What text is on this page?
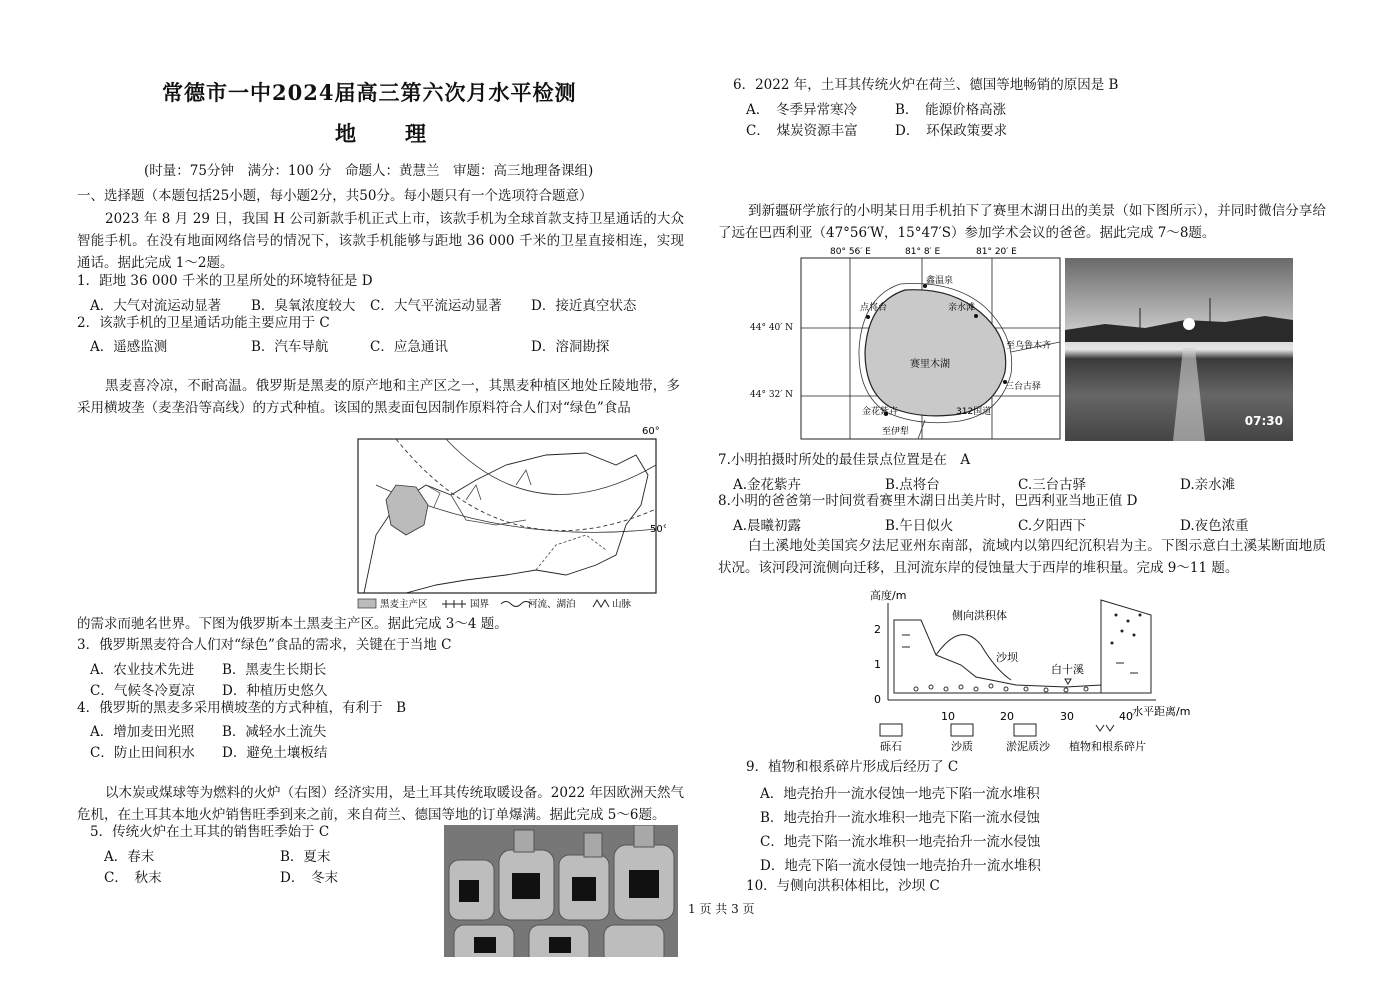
常德市一中2024届高三第六次月水平检测
地　理
(时量：75分钟　满分：100 分　命题人：黄慧兰　审题：高三地理备课组)
一、选择题（本题包括25小题，每小题2分，共50分。每小题只有一个选项符合题意）
2023 年 8 月 29 日，我国 H 公司新款手机正式上市，该款手机为全球首款支持卫星通话的大众智能手机。在没有地面网络信号的情况下，该款手机能够与距地 36 000 千米的卫星直接相连，实现通话。据此完成 1～2题。
1．距地 36 000 千米的卫星所处的环境特征是 D
A．大气对流运动显著 B．臭氧浓度较大 C．大气平流运动显著 D．接近真空状态
2．该款手机的卫星通话功能主要应用于 C
A．遥感监测	B．汽车导航	C．应急通讯	D．溶洞勘探
黑麦喜冷凉，不耐高温。俄罗斯是黑麦的原产地和主产区之一，其黑麦种植区地处丘陵地带，多采用横坡垄（麦垄沿等高线）的方式种植。该国的黑麦面包因制作原料符合人们对“绿色”食品
60°
50°
黑麦主产区	国界	河流、湖泊	山脉
的需求而驰名世界。下图为俄罗斯本土黑麦主产区。据此完成 3～4 题。
3．俄罗斯黑麦符合人们对“绿色”食品的需求，关键在于当地 C
A．农业技术先进 B．黑麦生长期长
C．气候冬冷夏凉 D．种植历史悠久
4．俄罗斯的黑麦多采用横坡垄的方式种植，有利于　B
A．增加麦田光照 B．减轻水土流失
C．防止田间积水 D．避免土壤板结
以木炭或煤球等为燃料的火炉（右图）经济实用，是土耳其传统取暖设备。2022 年因欧洲天然气危机，在土耳其本地火炉销售旺季到来之前，来自荷兰、德国等地的订单爆满。据此完成 5～6题。
5．传统火炉在土耳其的销售旺季始于 C
A．春末	B．夏末
C．　秋末	D．　冬末
6．2022 年，土耳其传统火炉在荷兰、德国等地畅销的原因是 B
A．　冬季异常寒冷	B．　能源价格高涨
C．　煤炭资源丰富	D．　环保政策要求
到新疆研学旅行的小明某日用手机拍下了赛里木湖日出的美景（如下图所示），并同时微信分享给了远在巴西利亚（47°56′W，15°47′S）参加学术会议的爸爸。据此完成 7～8题。
80° 56′ E	81° 8′ E	81° 20′ E
赛里木湖
鑫温泉
点将台	亲水滩
至乌鲁木齐
三台古驿
金花紫卉	312国道
至伊犁
44° 40′ N
44° 32′ N
07:30
7.小明拍摄时所处的最佳景点位置是在　A
A.金花紫卉	B.点将台	C.三台古驿	D.亲水滩
8.小明的爸爸第一时间赏看赛里木湖日出美片时，巴西利亚当地正值 D
A.晨曦初露	B.午日似火	C.夕阳西下	D.夜色浓重
白土溪地处美国宾夕法尼亚州东南部，流域内以第四纪沉积岩为主。下图示意白土溪某断面地质状况。该河段河流侧向迁移，且河流东岸的侵蚀量大于西岸的堆积量。完成 9～11 题。
高度/m
2
1
0
10	20	30	40 水平距离/m
侧向洪积体
沙坝
白十溪
砾石	沙质	淤泥质沙 植物和根系碎片
9．植物和根系碎片形成后经历了 C
A．地壳抬升一流水侵蚀一地壳下陷一流水堆积
B．地壳抬升一流水堆积一地壳下陷一流水侵蚀
C．地壳下陷一流水堆积一地壳抬升一流水侵蚀
D．地壳下陷一流水侵蚀一地壳抬升一流水堆积
10．与侧向洪积体相比，沙坝 C
1 页 共 3 页
